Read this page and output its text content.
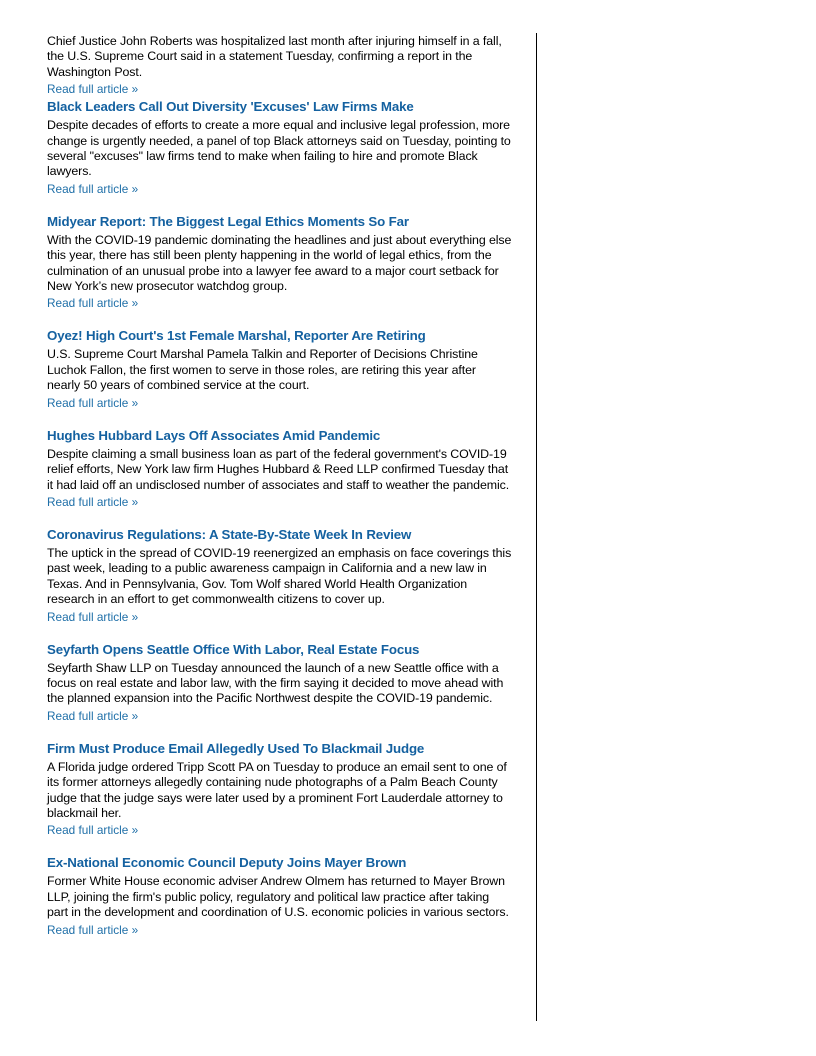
Chief Justice John Roberts was hospitalized last month after injuring himself in a fall, the U.S. Supreme Court said in a statement Tuesday, confirming a report in the Washington Post.

Read full article »
Black Leaders Call Out Diversity 'Excuses' Law Firms Make

Despite decades of efforts to create a more equal and inclusive legal profession, more change is urgently needed, a panel of top Black attorneys said on Tuesday, pointing to several "excuses" law firms tend to make when failing to hire and promote Black lawyers.

Read full article »
Midyear Report: The Biggest Legal Ethics Moments So Far

With the COVID-19 pandemic dominating the headlines and just about everything else this year, there has still been plenty happening in the world of legal ethics, from the culmination of an unusual probe into a lawyer fee award to a major court setback for New York’s new prosecutor watchdog group.

Read full article »
Oyez! High Court's 1st Female Marshal, Reporter Are Retiring

U.S. Supreme Court Marshal Pamela Talkin and Reporter of Decisions Christine Luchok Fallon, the first women to serve in those roles, are retiring this year after nearly 50 years of combined service at the court.

Read full article »
Hughes Hubbard Lays Off Associates Amid Pandemic

Despite claiming a small business loan as part of the federal government's COVID-19 relief efforts, New York law firm Hughes Hubbard & Reed LLP confirmed Tuesday that it had laid off an undisclosed number of associates and staff to weather the pandemic.

Read full article »
Coronavirus Regulations: A State-By-State Week In Review

The uptick in the spread of COVID-19 reenergized an emphasis on face coverings this past week, leading to a public awareness campaign in California and a new law in Texas. And in Pennsylvania, Gov. Tom Wolf shared World Health Organization research in an effort to get commonwealth citizens to cover up.

Read full article »
Seyfarth Opens Seattle Office With Labor, Real Estate Focus

Seyfarth Shaw LLP on Tuesday announced the launch of a new Seattle office with a focus on real estate and labor law, with the firm saying it decided to move ahead with the planned expansion into the Pacific Northwest despite the COVID-19 pandemic.

Read full article »
Firm Must Produce Email Allegedly Used To Blackmail Judge

A Florida judge ordered Tripp Scott PA on Tuesday to produce an email sent to one of its former attorneys allegedly containing nude photographs of a Palm Beach County judge that the judge says were later used by a prominent Fort Lauderdale attorney to blackmail her.

Read full article »
Ex-National Economic Council Deputy Joins Mayer Brown

Former White House economic adviser Andrew Olmem has returned to Mayer Brown LLP, joining the firm's public policy, regulatory and political law practice after taking part in the development and coordination of U.S. economic policies in various sectors.

Read full article »
